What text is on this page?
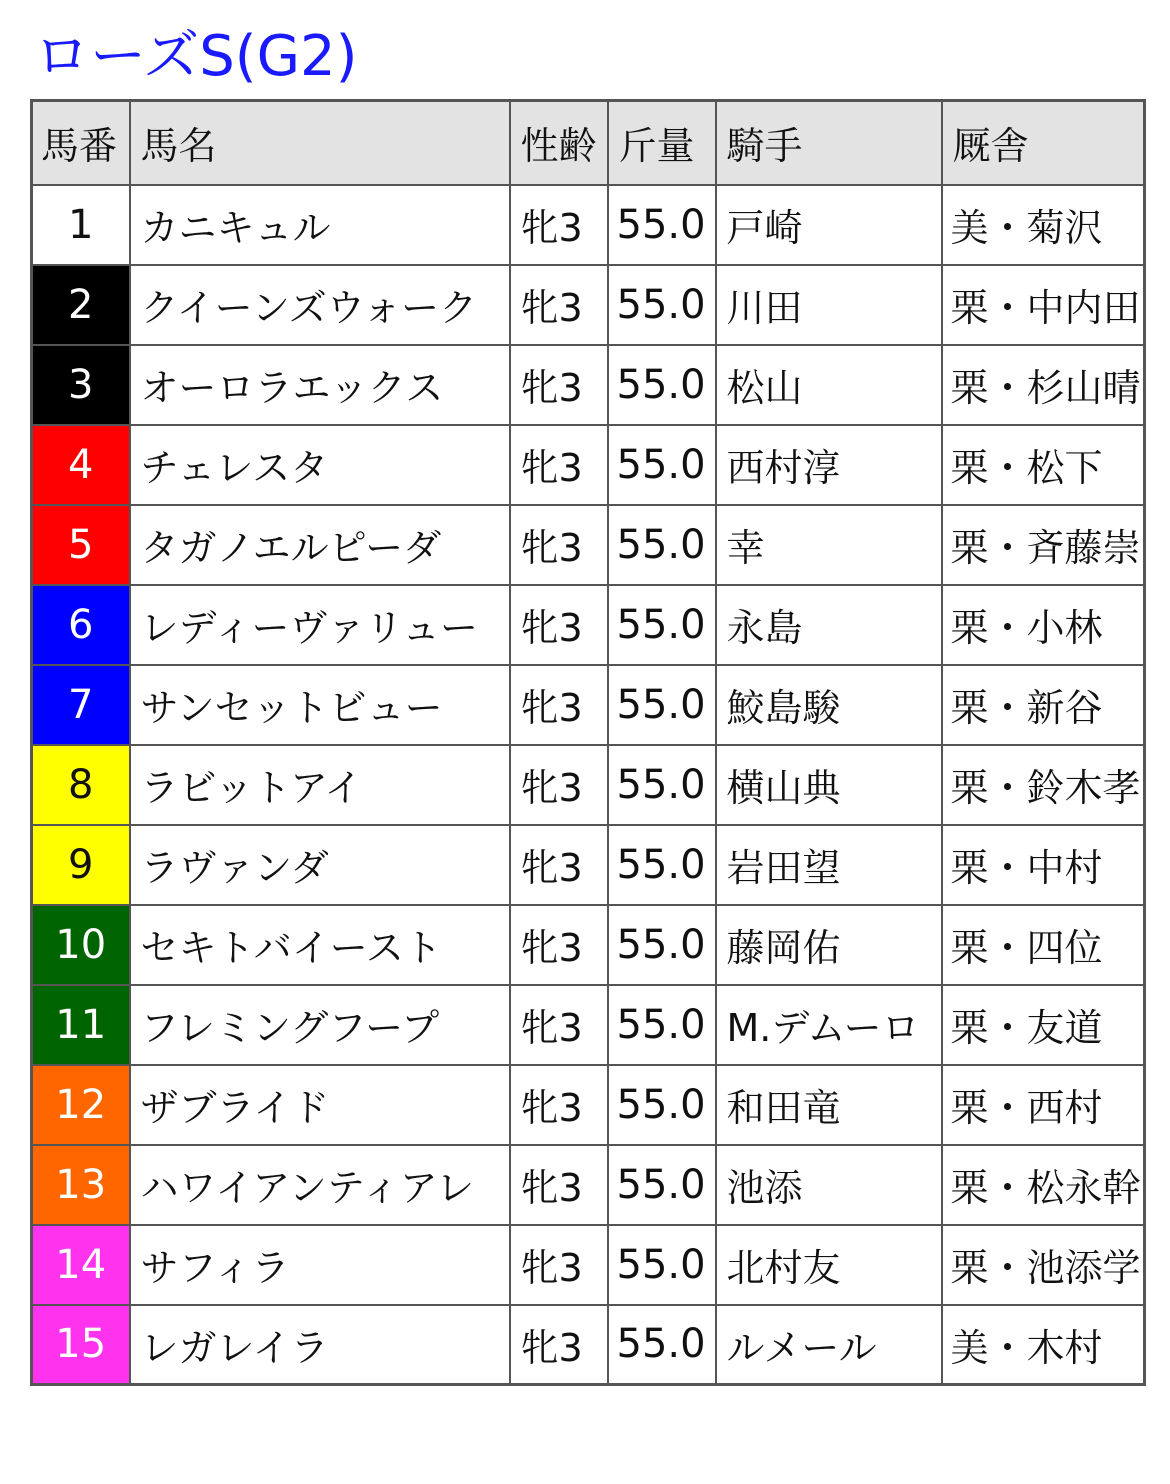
ローズS(G2)
馬番	馬名	性齢	斤量	騎手	厩舎
1	カニキュル	牝3	55.0	戸崎	美・菊沢
2	クイーンズウォーク	牝3	55.0	川田	栗・中内田
3	オーロラエックス	牝3	55.0	松山	栗・杉山晴
4	チェレスタ	牝3	55.0	西村淳	栗・松下
5	タガノエルピーダ	牝3	55.0	幸	栗・斉藤崇
6	レディーヴァリュー	牝3	55.0	永島	栗・小林
7	サンセットビュー	牝3	55.0	鮫島駿	栗・新谷
8	ラビットアイ	牝3	55.0	横山典	栗・鈴木孝
9	ラヴァンダ	牝3	55.0	岩田望	栗・中村
10	セキトバイースト	牝3	55.0	藤岡佑	栗・四位
11	フレミングフープ	牝3	55.0	M.デムーロ	栗・友道
12	ザブライド	牝3	55.0	和田竜	栗・西村
13	ハワイアンティアレ	牝3	55.0	池添	栗・松永幹
14	サフィラ	牝3	55.0	北村友	栗・池添学
15	レガレイラ	牝3	55.0	ルメール	美・木村
